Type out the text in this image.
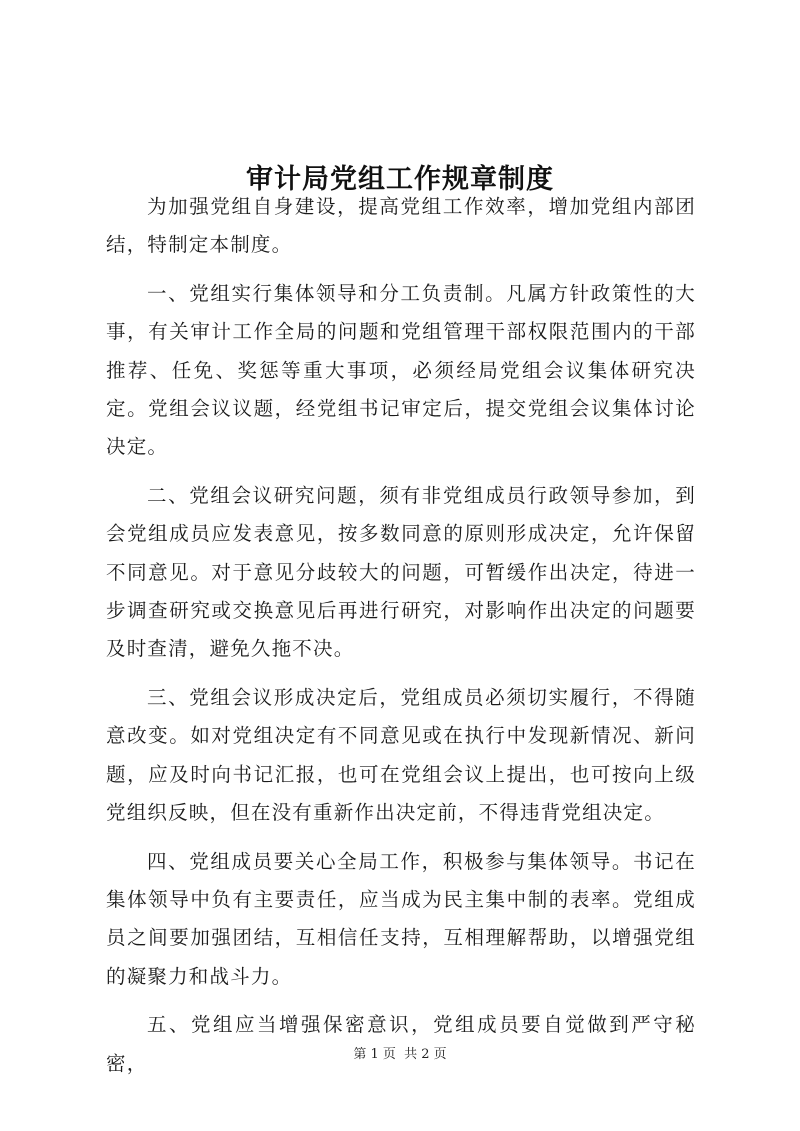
审计局党组工作规章制度

为加强党组自身建设，提高党组工作效率，增加党组内部团结，特制定本制度。

一、党组实行集体领导和分工负责制。凡属方针政策性的大事，有关审计工作全局的问题和党组管理干部权限范围内的干部推荐、任免、奖惩等重大事项，必须经局党组会议集体研究决定。党组会议议题，经党组书记审定后，提交党组会议集体讨论决定。

二、党组会议研究问题，须有非党组成员行政领导参加，到会党组成员应发表意见，按多数同意的原则形成决定，允许保留不同意见。对于意见分歧较大的问题，可暂缓作出决定，待进一步调查研究或交换意见后再进行研究，对影响作出决定的问题要及时查清，避免久拖不决。

三、党组会议形成决定后，党组成员必须切实履行，不得随意改变。如对党组决定有不同意见或在执行中发现新情况、新问题，应及时向书记汇报，也可在党组会议上提出，也可按向上级党组织反映，但在没有重新作出决定前，不得违背党组决定。

四、党组成员要关心全局工作，积极参与集体领导。书记在集体领导中负有主要责任，应当成为民主集中制的表率。党组成员之间要加强团结，互相信任支持，互相理解帮助，以增强党组的凝聚力和战斗力。

五、党组应当增强保密意识，党组成员要自觉做到严守秘密，	第 1 页 共 2 页
